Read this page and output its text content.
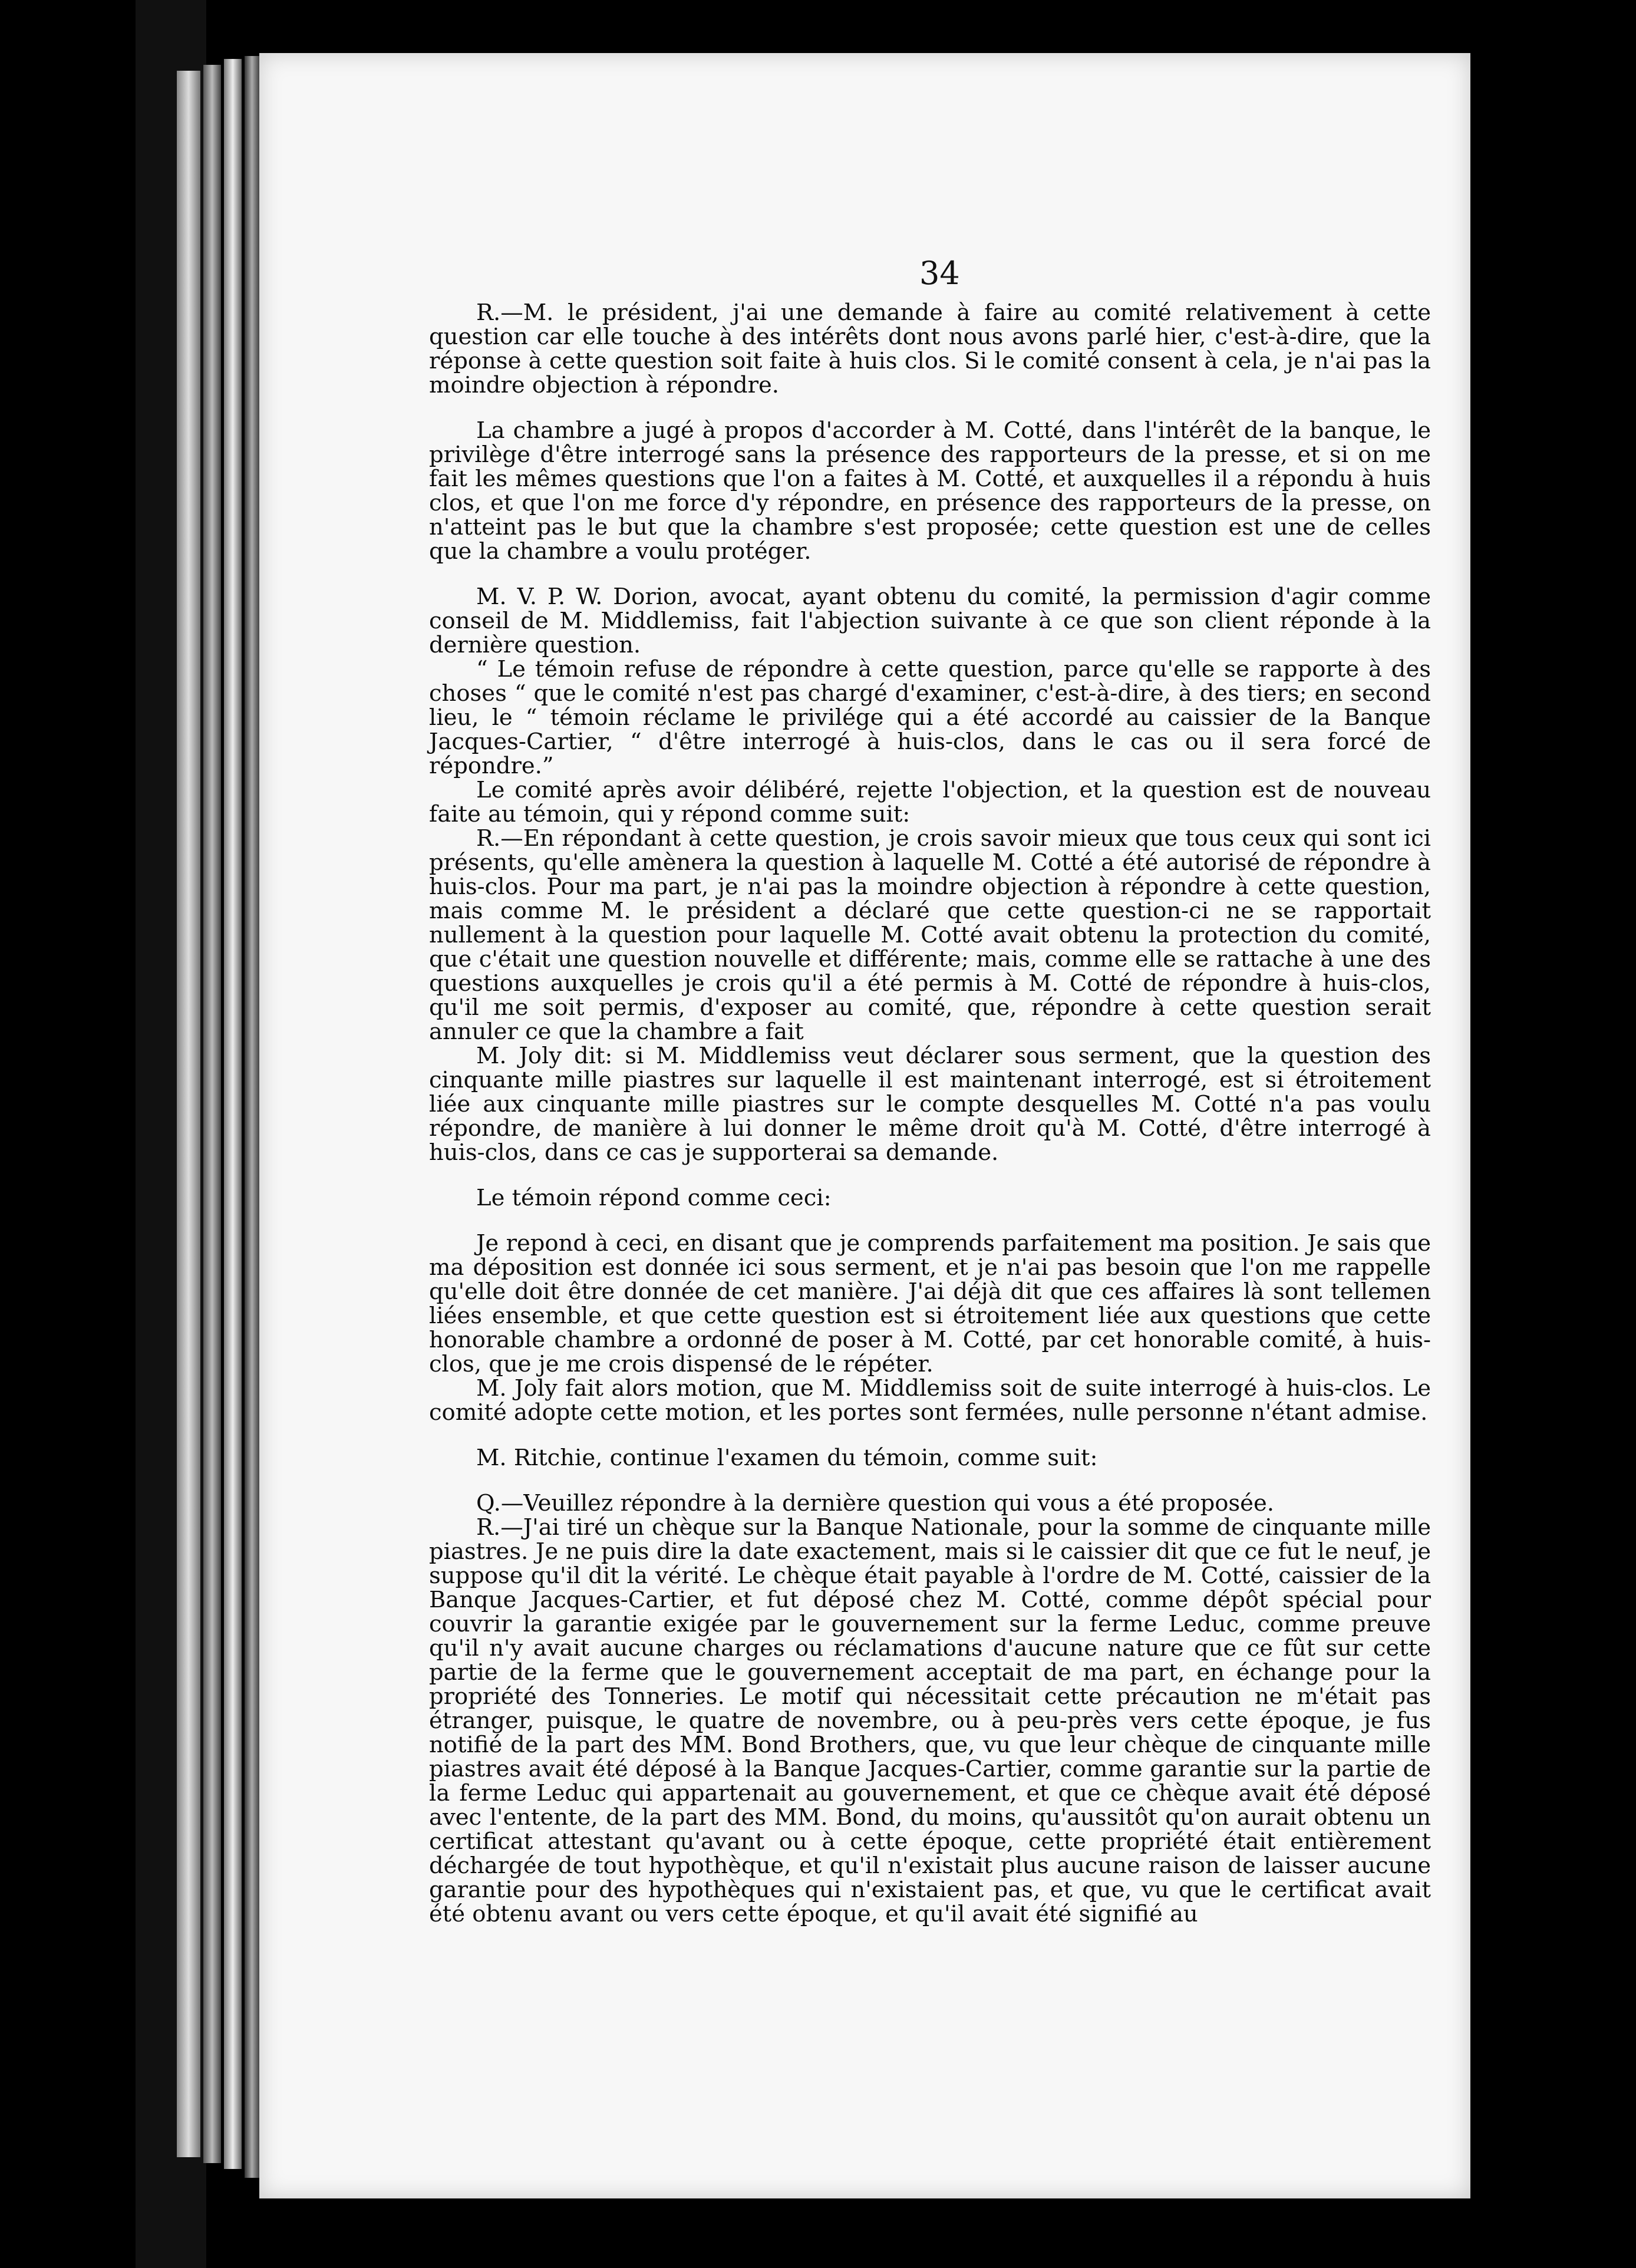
34

R.—M. le président, j'ai une demande à faire au comité relativement à cette question car elle touche à des intérêts dont nous avons parlé hier, c'est-à-dire, que la réponse à cette question soit faite à huis clos. Si le comité consent à cela, je n'ai pas la moindre objection à répondre.

La chambre a jugé à propos d'accorder à M. Cotté, dans l'intérêt de la banque, le privilège d'être interrogé sans la présence des rapporteurs de la presse, et si on me fait les mêmes questions que l'on a faites à M. Cotté, et auxquelles il a répondu à huis clos, et que l'on me force d'y répondre, en présence des rapporteurs de la presse, on n'atteint pas le but que la chambre s'est proposée; cette question est une de celles que la chambre a voulu protéger.

M. V. P. W. Dorion, avocat, ayant obtenu du comité, la permission d'agir comme conseil de M. Middlemiss, fait l'abjection suivante à ce que son client réponde à la dernière question.

“ Le témoin refuse de répondre à cette question, parce qu'elle se rapporte à des choses “ que le comité n'est pas chargé d'examiner, c'est-à-dire, à des tiers; en second lieu, le “ témoin réclame le privilége qui a été accordé au caissier de la Banque Jacques-Cartier, “ d'être interrogé à huis-clos, dans le cas ou il sera forcé de répondre.”

Le comité après avoir délibéré, rejette l'objection, et la question est de nouveau faite au témoin, qui y répond comme suit:

R.—En répondant à cette question, je crois savoir mieux que tous ceux qui sont ici présents, qu'elle amènera la question à laquelle M. Cotté a été autorisé de répondre à huis-clos. Pour ma part, je n'ai pas la moindre objection à répondre à cette question, mais comme M. le président a déclaré que cette question-ci ne se rapportait nullement à la question pour laquelle M. Cotté avait obtenu la protection du comité, que c'était une question nouvelle et différente; mais, comme elle se rattache à une des questions auxquelles je crois qu'il a été permis à M. Cotté de répondre à huis-clos, qu'il me soit permis, d'exposer au comité, que, répondre à cette question serait annuler ce que la chambre a fait

M. Joly dit: si M. Middlemiss veut déclarer sous serment, que la question des cinquante mille piastres sur laquelle il est maintenant interrogé, est si étroitement liée aux cinquante mille piastres sur le compte desquelles M. Cotté n'a pas voulu répondre, de manière à lui donner le même droit qu'à M. Cotté, d'être interrogé à huis-clos, dans ce cas je supporterai sa demande.

Le témoin répond comme ceci:

Je repond à ceci, en disant que je comprends parfaitement ma position. Je sais que ma déposition est donnée ici sous serment, et je n'ai pas besoin que l'on me rappelle qu'elle doit être donnée de cet manière. J'ai déjà dit que ces affaires là sont tellemen liées ensemble, et que cette question est si étroitement liée aux questions que cette honorable chambre a ordonné de poser à M. Cotté, par cet honorable comité, à huis-clos, que je me crois dispensé de le répéter.

M. Joly fait alors motion, que M. Middlemiss soit de suite interrogé à huis-clos. Le comité adopte cette motion, et les portes sont fermées, nulle personne n'étant admise.

M. Ritchie, continue l'examen du témoin, comme suit:

Q.—Veuillez répondre à la dernière question qui vous a été proposée.

R.—J'ai tiré un chèque sur la Banque Nationale, pour la somme de cinquante mille piastres. Je ne puis dire la date exactement, mais si le caissier dit que ce fut le neuf, je suppose qu'il dit la vérité. Le chèque était payable à l'ordre de M. Cotté, caissier de la Banque Jacques-Cartier, et fut déposé chez M. Cotté, comme dépôt spécial pour couvrir la garantie exigée par le gouvernement sur la ferme Leduc, comme preuve qu'il n'y avait aucune charges ou réclamations d'aucune nature que ce fût sur cette partie de la ferme que le gouvernement acceptait de ma part, en échange pour la propriété des Tonneries. Le motif qui nécessitait cette précaution ne m'était pas étranger, puisque, le quatre de novembre, ou à peu-près vers cette époque, je fus notifié de la part des MM. Bond Brothers, que, vu que leur chèque de cinquante mille piastres avait été déposé à la Banque Jacques-Cartier, comme garantie sur la partie de la ferme Leduc qui appartenait au gouvernement, et que ce chèque avait été déposé avec l'entente, de la part des MM. Bond, du moins, qu'aussitôt qu'on aurait obtenu un certificat attestant qu'avant ou à cette époque, cette propriété était entièrement déchargée de tout hypothèque, et qu'il n'existait plus aucune raison de laisser aucune garantie pour des hypothèques qui n'existaient pas, et que, vu que le certificat avait été obtenu avant ou vers cette époque, et qu'il avait été signifié au
